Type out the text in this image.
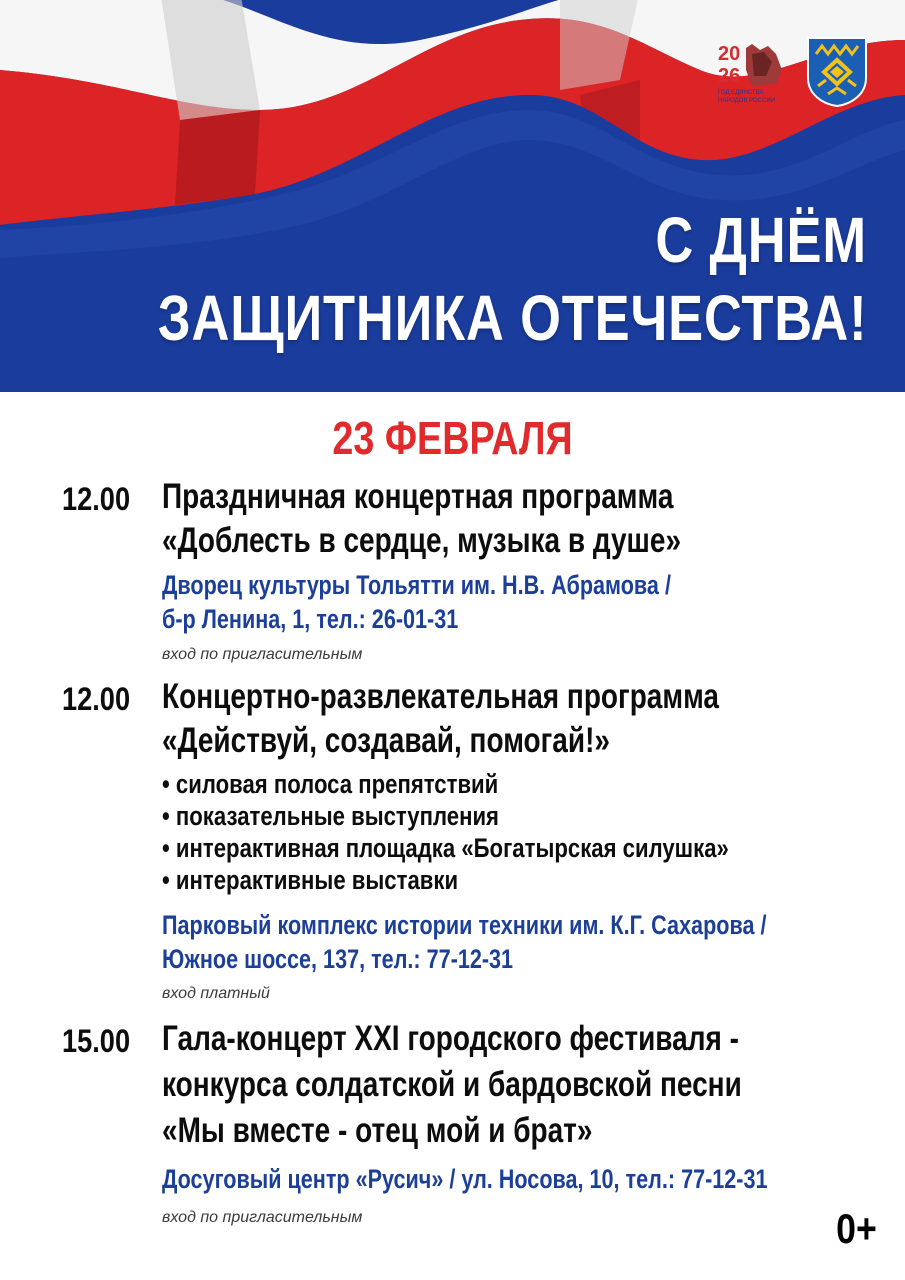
20
26
ГОД ЕДИНСТВА
НАРОДОВ РОССИИ
С ДНЁМ
ЗАЩИТНИКА ОТЕЧЕСТВА!
23 ФЕВРАЛЯ
12.00 Праздничная концертная программа
«Доблесть в сердце, музыка в душе»
Дворец культуры Тольятти им. Н.В. Абрамова /
б-р Ленина, 1, тел.: 26-01-31
вход по пригласительным
12.00 Концертно-развлекательная программа
«Действуй, создавай, помогай!»
• силовая полоса препятствий
• показательные выступления
• интерактивная площадка «Богатырская силушка»
• интерактивные выставки
Парковый комплекс истории техники им. К.Г. Сахарова /
Южное шоссе, 137, тел.: 77-12-31
вход платный
15.00 Гала-концерт XXI городского фестиваля -
конкурса солдатской и бардовской песни
«Мы вместе - отец мой и брат»
Досуговый центр «Русич» / ул. Носова, 10, тел.: 77-12-31
вход по пригласительным	0+
